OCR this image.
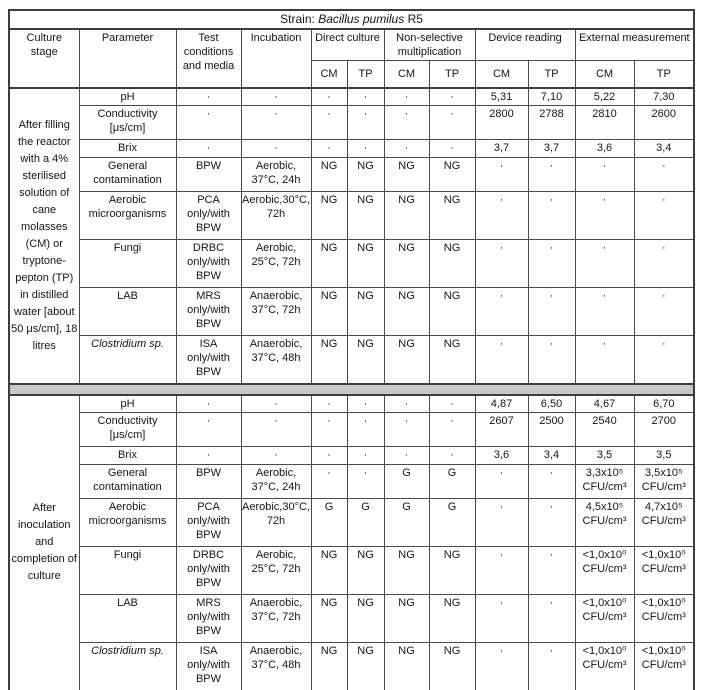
Strain: Bacillus pumilus R5											
Culture stage	Parameter	Test conditions and media	Incubation	Direct culture		Non-selective multiplication		Device reading		External measurement	
				CM	TP	CM	TP	CM	TP	CM	TP
After filling the reactor with a 4% sterilised solution of cane molasses (CM) or tryptone-pepton (TP) in distilled water [about 50 μs/cm], 18 litres	pH	·	·	·	·	·	·	5,31	7,10	5,22	7,30
	Conductivity [μs/cm]	·	·	·	·	·	·	2800	2788	2810	2600
	Brix	·	·	·	·	·	·	3,7	3,7	3,6	3,4
	General contamination	BPW	Aerobic, 37°C, 24h	NG	NG	NG	NG	·	·	·	·
	Aerobic microorganisms	PCA only/with BPW	Aerobic,30°C, 72h	NG	NG	NG	NG	·	·	·	·
	Fungi	DRBC only/with BPW	Aerobic, 25°C, 72h	NG	NG	NG	NG	·	·	·	·
	LAB	MRS only/with BPW	Anaerobic, 37°C, 72h	NG	NG	NG	NG	·	·	·	·
	Clostridium sp.	ISA only/with BPW	Anaerobic, 37°C, 48h	NG	NG	NG	NG	·	·	·	·

After inoculation and completion of culture	pH	·	·	·	·	·	·	4,87	6,50	4,67	6,70
	Conductivity [μs/cm]	·	·	·	·	·	·	2607	2500	2540	2700
	Brix	·	·	·	·	·	·	3,6	3,4	3,5	3,5
	General contamination	BPW	Aerobic, 37°C, 24h	·	·	G	G	·	·	3,3x10⁵ CFU/cm³	3,5x10⁵ CFU/cm³
	Aerobic microorganisms	PCA only/with BPW	Aerobic,30°C, 72h	G	G	G	G	·	·	4,5x10⁵ CFU/cm³	4,7x10⁵ CFU/cm³
	Fungi	DRBC only/with BPW	Aerobic, 25°C, 72h	NG	NG	NG	NG	·	·	<1,0x10⁰ CFU/cm³	<1,0x10⁰ CFU/cm³
	LAB	MRS only/with BPW	Anaerobic, 37°C, 72h	NG	NG	NG	NG	·	·	<1,0x10⁰ CFU/cm³	<1,0x10⁰ CFU/cm³
	Clostridium sp.	ISA only/with BPW	Anaerobic, 37°C, 48h	NG	NG	NG	NG	·	·	<1,0x10⁰ CFU/cm³	<1,0x10⁰ CFU/cm³
